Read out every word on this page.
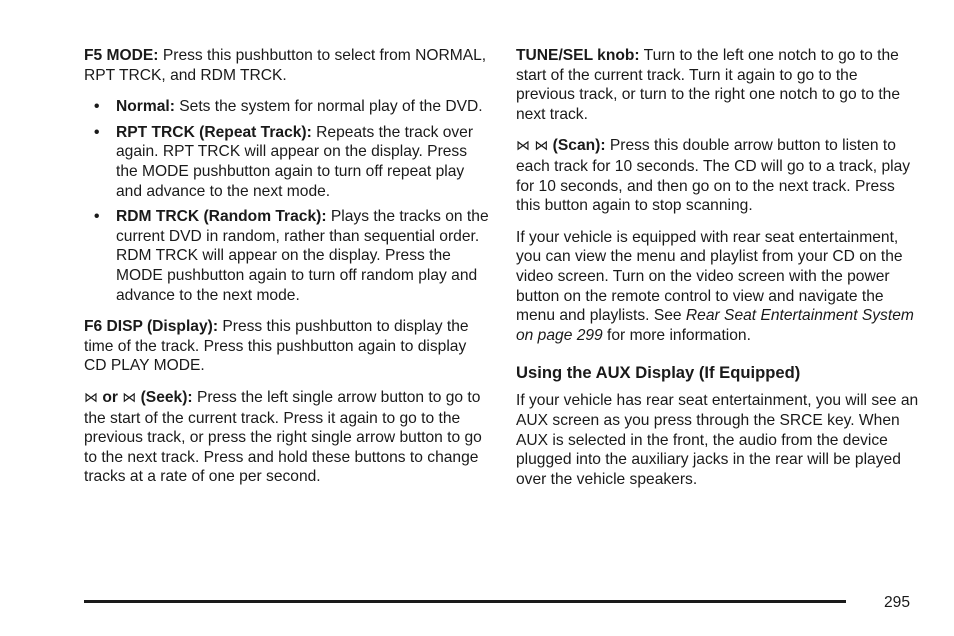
F5 MODE: Press this pushbutton to select from NORMAL, RPT TRCK, and RDM TRCK.

• Normal: Sets the system for normal play of the DVD.
• RPT TRCK (Repeat Track): Repeats the track over again. RPT TRCK will appear on the display. Press the MODE pushbutton again to turn off repeat play and advance to the next mode.
• RDM TRCK (Random Track): Plays the tracks on the current DVD in random, rather than sequential order. RDM TRCK will appear on the display. Press the MODE pushbutton again to turn off random play and advance to the next mode.

F6 DISP (Display): Press this pushbutton to display the time of the track. Press this pushbutton again to display CD PLAY MODE.

⋈ or ⋈ (Seek): Press the left single arrow button to go to the start of the current track. Press it again to go to the previous track, or press the right single arrow button to go to the next track. Press and hold these buttons to change tracks at a rate of one per second.

TUNE/SEL knob: Turn to the left one notch to go to the start of the current track. Turn it again to go to the previous track, or turn to the right one notch to go to the next track.

⋈ ⋈ (Scan): Press this double arrow button to listen to each track for 10 seconds. The CD will go to a track, play for 10 seconds, and then go on to the next track. Press this button again to stop scanning.

If your vehicle is equipped with rear seat entertainment, you can view the menu and playlist from your CD on the video screen. Turn on the video screen with the power button on the remote control to view and navigate the menu and playlists. See Rear Seat Entertainment System on page 299 for more information.

Using the AUX Display (If Equipped)

If your vehicle has rear seat entertainment, you will see an AUX screen as you press through the SRCE key. When AUX is selected in the front, the audio from the device plugged into the auxiliary jacks in the rear will be played over the vehicle speakers.

295
